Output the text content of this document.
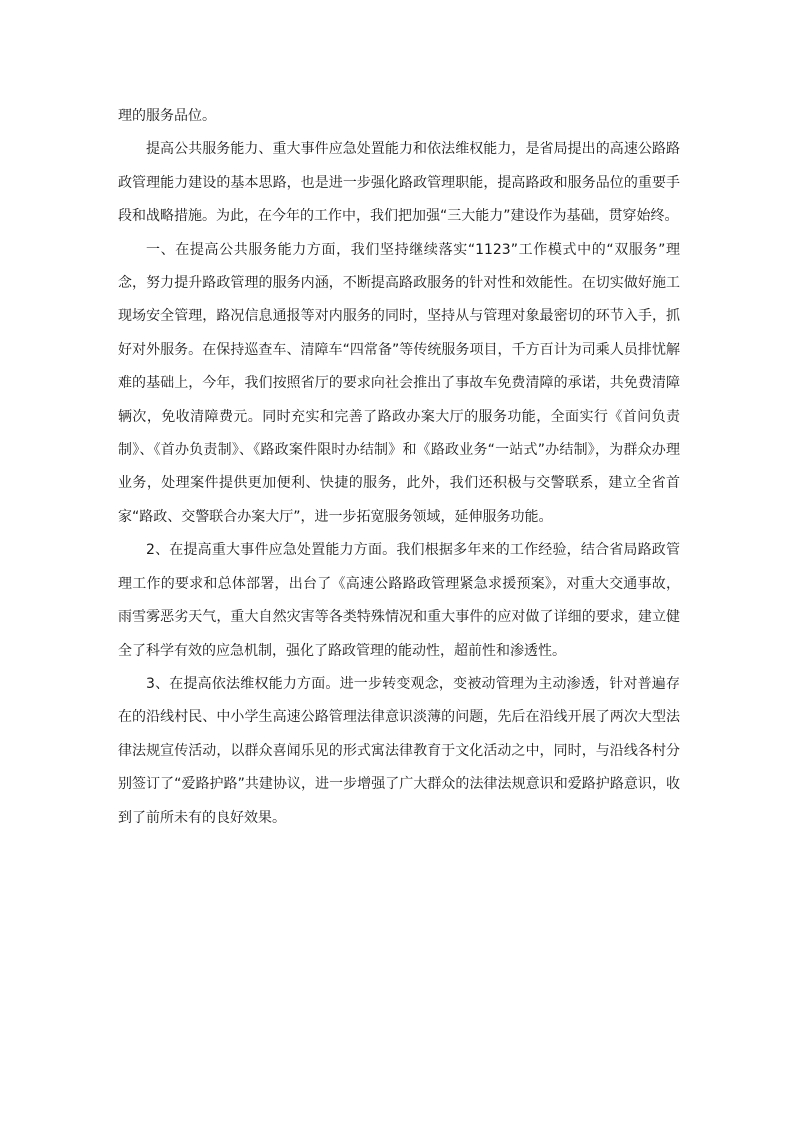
理的服务品位。

提高公共服务能力、重大事件应急处置能力和依法维权能力，是省局提出的高速公路路政管理能力建设的基本思路，也是进一步强化路政管理职能，提高路政和服务品位的重要手段和战略措施。为此，在今年的工作中，我们把加强“三大能力”建设作为基础，贯穿始终。

一、在提高公共服务能力方面，我们坚持继续落实“1123”工作模式中的“双服务”理念，努力提升路政管理的服务内涵，不断提高路政服务的针对性和效能性。在切实做好施工现场安全管理，路况信息通报等对内服务的同时，坚持从与管理对象最密切的环节入手，抓好对外服务。在保持巡查车、清障车“四常备”等传统服务项目，千方百计为司乘人员排忧解难的基础上，今年，我们按照省厅的要求向社会推出了事故车免费清障的承诺，共免费清障辆次，免收清障费元。同时充实和完善了路政办案大厅的服务功能，全面实行《首问负责制》、《首办负责制》、《路政案件限时办结制》和《路政业务“一站式”办结制》，为群众办理业务，处理案件提供更加便利、快捷的服务，此外，我们还积极与交警联系，建立全省首家“路政、交警联合办案大厅”，进一步拓宽服务领域，延伸服务功能。

2、在提高重大事件应急处置能力方面。我们根据多年来的工作经验，结合省局路政管理工作的要求和总体部署，出台了《高速公路路政管理紧急求援预案》，对重大交通事故，雨雪雾恶劣天气，重大自然灾害等各类特殊情况和重大事件的应对做了详细的要求，建立健全了科学有效的应急机制，强化了路政管理的能动性，超前性和渗透性。

3、在提高依法维权能力方面。进一步转变观念，变被动管理为主动渗透，针对普遍存在的沿线村民、中小学生高速公路管理法律意识淡薄的问题，先后在沿线开展了两次大型法律法规宣传活动，以群众喜闻乐见的形式寓法律教育于文化活动之中，同时，与沿线各村分别签订了“爱路护路”共建协议，进一步增强了广大群众的法律法规意识和爱路护路意识，收到了前所未有的良好效果。
